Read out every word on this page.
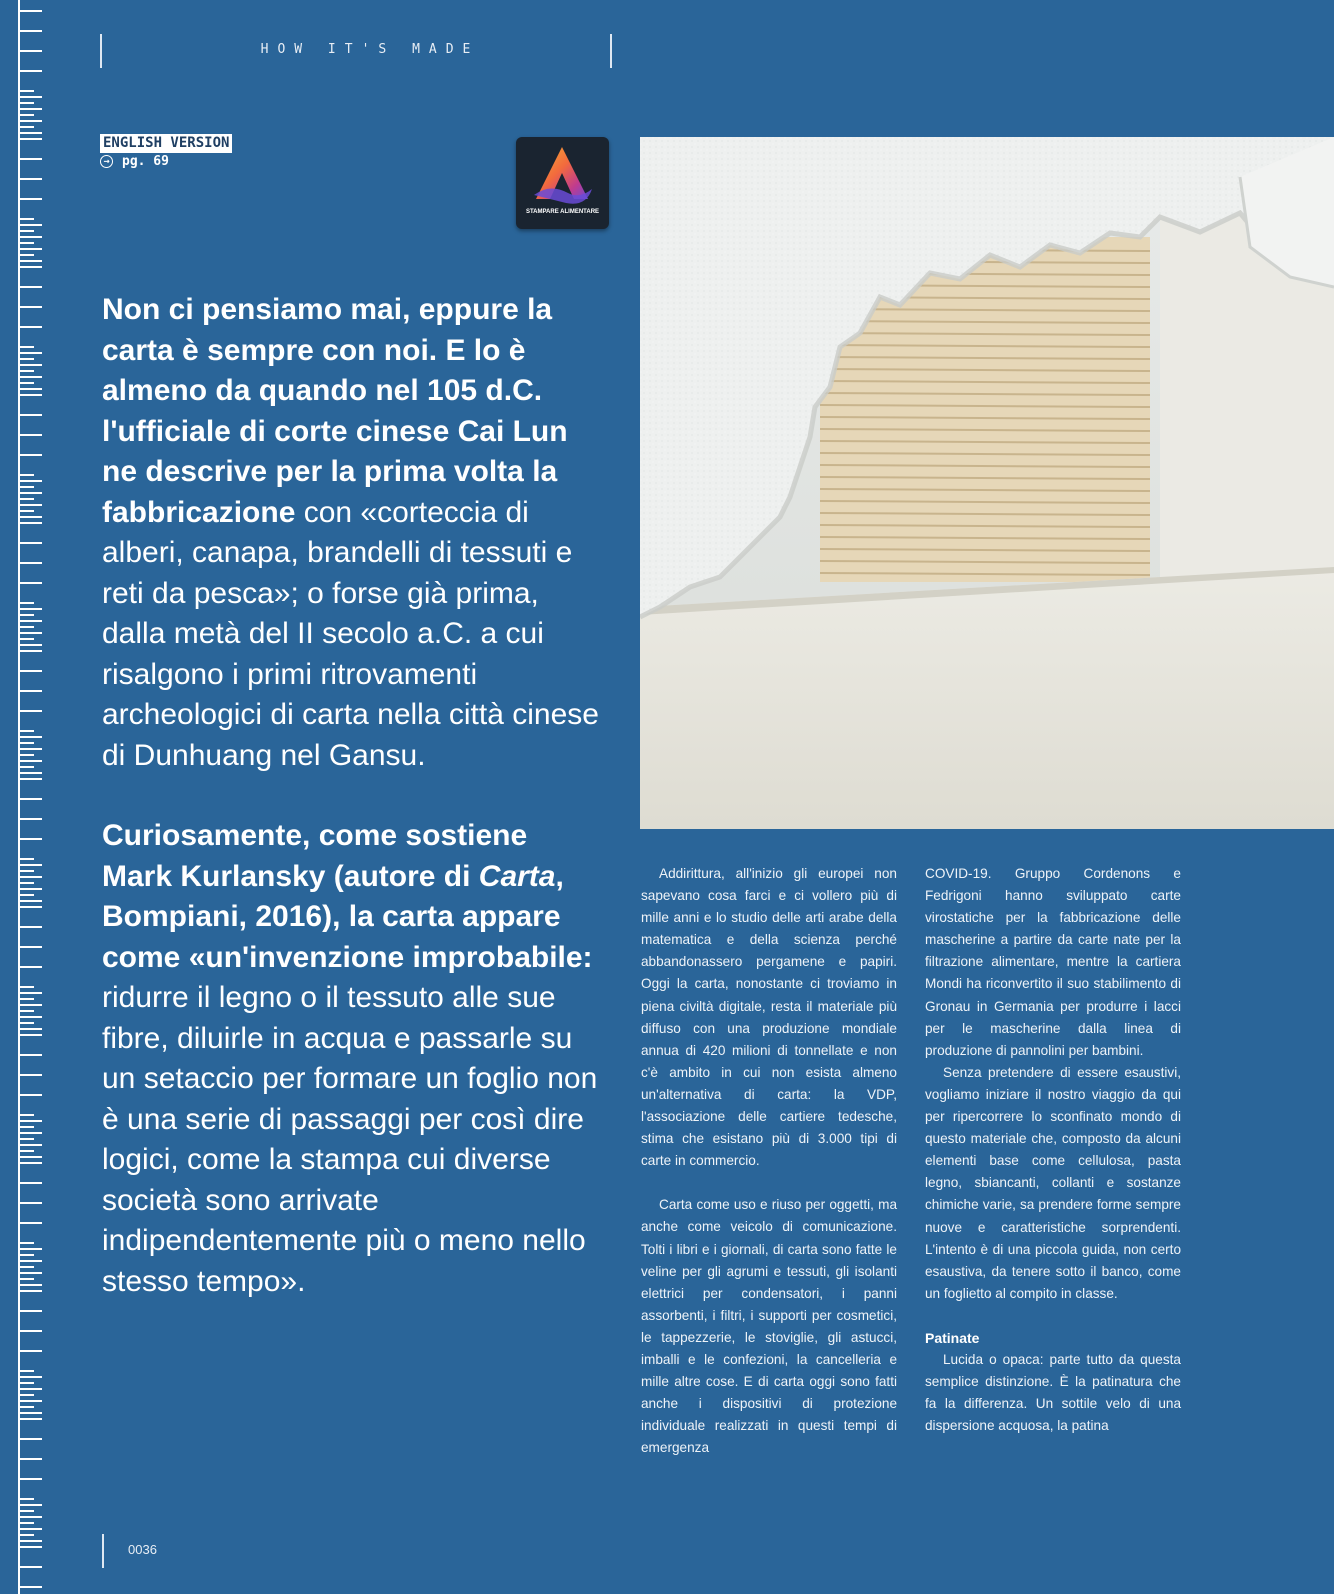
HOW IT'S MADE
ENGLISH VERSION
→ pg. 69
STAMPARE ALIMENTARE

Non ci pensiamo mai, eppure la carta è sempre con noi. E lo è almeno da quando nel 105 d.C. l'ufficiale di corte cinese Cai Lun ne descrive per la prima volta la fabbricazione con «corteccia di alberi, canapa, brandelli di tessuti e reti da pesca»; o forse già prima, dalla metà del II secolo a.C. a cui risalgono i primi ritrovamenti archeologici di carta nella città cinese di Dunhuang nel Gansu.

Curiosamente, come sostiene Mark Kurlansky (autore di Carta, Bompiani, 2016), la carta appare come «un'invenzione improbabile: ridurre il legno o il tessuto alle sue fibre, diluirle in acqua e passarle su un setaccio per formare un foglio non è una serie di passaggi per così dire logici, come la stampa cui diverse società sono arrivate indipendentemente più o meno nello stesso tempo».

Addirittura, all'inizio gli europei non sapevano cosa farci e ci vollero più di mille anni e lo studio delle arti arabe della matematica e della scienza perché abbandonassero pergamene e papiri. Oggi la carta, nonostante ci troviamo in piena civiltà digitale, resta il materiale più diffuso con una produzione mondiale annua di 420 milioni di tonnellate e non c'è ambito in cui non esista almeno un'alternativa di carta: la VDP, l'associazione delle cartiere tedesche, stima che esistano più di 3.000 tipi di carte in commercio.

Carta come uso e riuso per oggetti, ma anche come veicolo di comunicazione. Tolti i libri e i giornali, di carta sono fatte le veline per gli agrumi e tessuti, gli isolanti elettrici per condensatori, i panni assorbenti, i filtri, i supporti per cosmetici, le tappezzerie, le stoviglie, gli astucci, imballi e le confezioni, la cancelleria e mille altre cose. E di carta oggi sono fatti anche i dispositivi di protezione individuale realizzati in questi tempi di emergenza

COVID-19. Gruppo Cordenons e Fedrigoni hanno sviluppato carte virostatiche per la fabbricazione delle mascherine a partire da carte nate per la filtrazione alimentare, mentre la cartiera Mondi ha riconvertito il suo stabilimento di Gronau in Germania per produrre i lacci per le mascherine dalla linea di produzione di pannolini per bambini.

Senza pretendere di essere esaustivi, vogliamo iniziare il nostro viaggio da qui per ripercorrere lo sconfinato mondo di questo materiale che, composto da alcuni elementi base come cellulosa, pasta legno, sbiancanti, collanti e sostanze chimiche varie, sa prendere forme sempre nuove e caratteristiche sorprendenti. L'intento è di una piccola guida, non certo esaustiva, da tenere sotto il banco, come un foglietto al compito in classe.

Patinate

Lucida o opaca: parte tutto da questa semplice distinzione. È la patinatura che fa la differenza. Un sottile velo di una dispersione acquosa, la patina

0036
